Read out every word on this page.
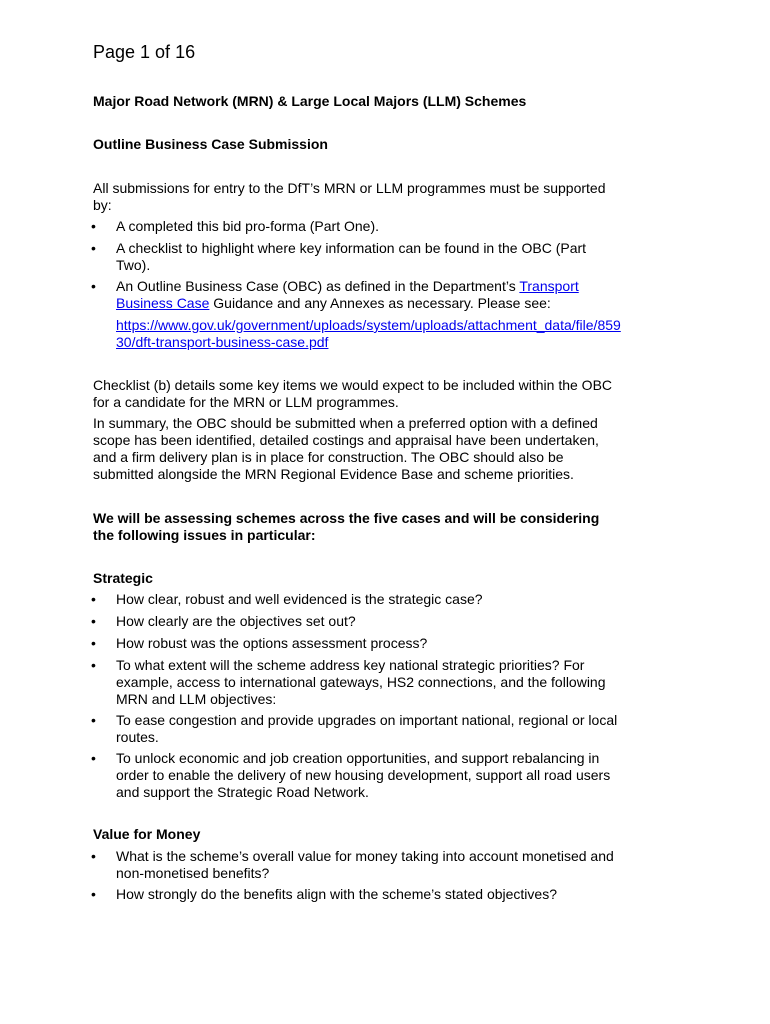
Page 1 of 16
Major Road Network (MRN) & Large Local Majors (LLM) Schemes
Outline Business Case Submission
All submissions for entry to the DfT’s MRN or LLM programmes must be supported
by:
• A completed this bid pro-forma (Part One).
• A checklist to highlight where key information can be found in the OBC (Part
Two).
• An Outline Business Case (OBC) as defined in the Department’s Transport
Business Case Guidance and any Annexes as necessary. Please see:
https://www.gov.uk/government/uploads/system/uploads/attachment_data/file/859
30/dft-transport-business-case.pdf
Checklist (b) details some key items we would expect to be included within the OBC
for a candidate for the MRN or LLM programmes.
In summary, the OBC should be submitted when a preferred option with a defined
scope has been identified, detailed costings and appraisal have been undertaken,
and a firm delivery plan is in place for construction. The OBC should also be
submitted alongside the MRN Regional Evidence Base and scheme priorities.
We will be assessing schemes across the five cases and will be considering
the following issues in particular:
Strategic
• How clear, robust and well evidenced is the strategic case?
• How clearly are the objectives set out?
• How robust was the options assessment process?
• To what extent will the scheme address key national strategic priorities? For
example, access to international gateways, HS2 connections, and the following
MRN and LLM objectives:
• To ease congestion and provide upgrades on important national, regional or local
routes.
• To unlock economic and job creation opportunities, and support rebalancing in
order to enable the delivery of new housing development, support all road users
and support the Strategic Road Network.
Value for Money
• What is the scheme’s overall value for money taking into account monetised and
non-monetised benefits?
• How strongly do the benefits align with the scheme’s stated objectives?
